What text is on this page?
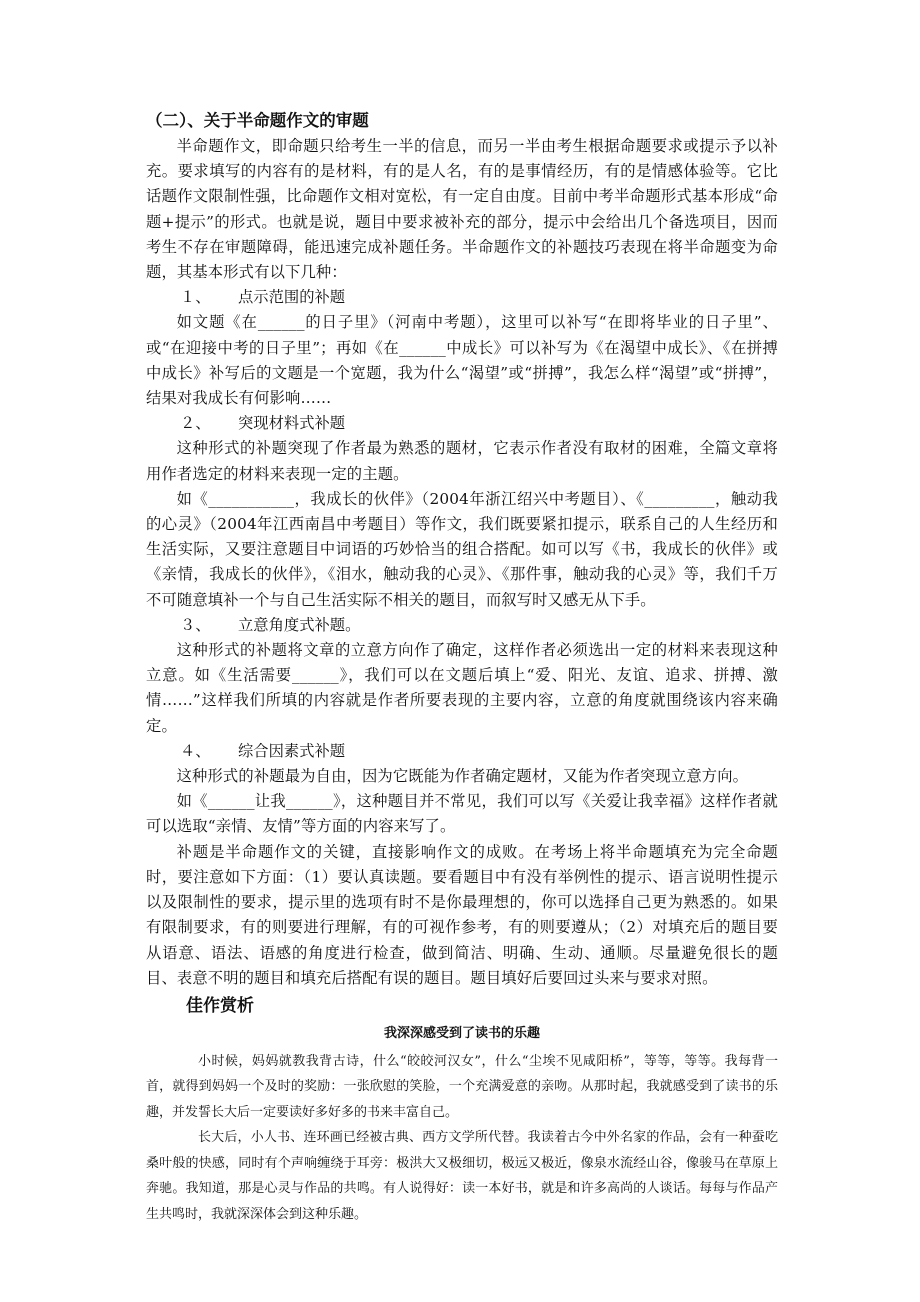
（二）、关于半命题作文的审题

半命题作文，即命题只给考生一半的信息，而另一半由考生根据命题要求或提示予以补充。要求填写的内容有的是材料，有的是人名，有的是事情经历，有的是情感体验等。它比话题作文限制性强，比命题作文相对宽松，有一定自由度。目前中考半命题形式基本形成“命题+提示”的形式。也就是说，题目中要求被补充的部分，提示中会给出几个备选项目，因而考生不存在审题障碍，能迅速完成补题任务。半命题作文的补题技巧表现在将半命题变为命题，其基本形式有以下几种：

１、 点示范围的补题

如文题《在______的日子里》（河南中考题），这里可以补写“在即将毕业的日子里”、或“在迎接中考的日子里”；再如《在______中成长》可以补写为《在渴望中成长》、《在拼搏中成长》补写后的文题是一个宽题，我为什么“渴望”或“拼搏”，我怎么样“渴望”或“拼搏”，结果对我成长有何影响……

２、 突现材料式补题

这种形式的补题突现了作者最为熟悉的题材，它表示作者没有取材的困难，全篇文章将用作者选定的材料来表现一定的主题。

如《___________，我成长的伙伴》（2004年浙江绍兴中考题目）、《_________，触动我的心灵》（2004年江西南昌中考题目）等作文，我们既要紧扣提示，联系自己的人生经历和生活实际，又要注意题目中词语的巧妙恰当的组合搭配。如可以写《书，我成长的伙伴》或《亲情，我成长的伙伴》，《泪水，触动我的心灵》、《那件事，触动我的心灵》等，我们千万不可随意填补一个与自己生活实际不相关的题目，而叙写时又感无从下手。

３、 立意角度式补题。

这种形式的补题将文章的立意方向作了确定，这样作者必须选出一定的材料来表现这种立意。如《生活需要______》，我们可以在文题后填上“爱、阳光、友谊、追求、拼搏、激情……”这样我们所填的内容就是作者所要表现的主要内容，立意的角度就围绕该内容来确定。

４、 综合因素式补题

这种形式的补题最为自由，因为它既能为作者确定题材，又能为作者突现立意方向。

如《______让我______》，这种题目并不常见，我们可以写《关爱让我幸福》这样作者就可以选取“亲情、友情”等方面的内容来写了。

补题是半命题作文的关键，直接影响作文的成败。在考场上将半命题填充为完全命题时，要注意如下方面：（1）要认真读题。要看题目中有没有举例性的提示、语言说明性提示以及限制性的要求，提示里的选项有时不是你最理想的，你可以选择自己更为熟悉的。如果有限制要求，有的则要进行理解，有的可视作参考，有的则要遵从；（2）对填充后的题目要从语意、语法、语感的角度进行检查，做到简洁、明确、生动、通顺。尽量避免很长的题目、表意不明的题目和填充后搭配有误的题目。题目填好后要回过头来与要求对照。

佳作赏析
我深深感受到了读书的乐趣

小时候，妈妈就教我背古诗，什么“皎皎河汉女”，什么“尘埃不见咸阳桥”，等等，等等。我每背一首，就得到妈妈一个及时的奖励：一张欣慰的笑脸，一个充满爱意的亲吻。从那时起，我就感受到了读书的乐趣，并发誓长大后一定要读好多好多的书来丰富自己。

长大后，小人书、连环画已经被古典、西方文学所代替。我读着古今中外名家的作品，会有一种蚕吃桑叶般的快感，同时有个声响缠绕于耳旁：极洪大又极细切，极远又极近，像泉水流经山谷，像骏马在草原上奔驰。我知道，那是心灵与作品的共鸣。有人说得好：读一本好书，就是和许多高尚的人谈话。每每与作品产生共鸣时，我就深深体会到这种乐趣。
